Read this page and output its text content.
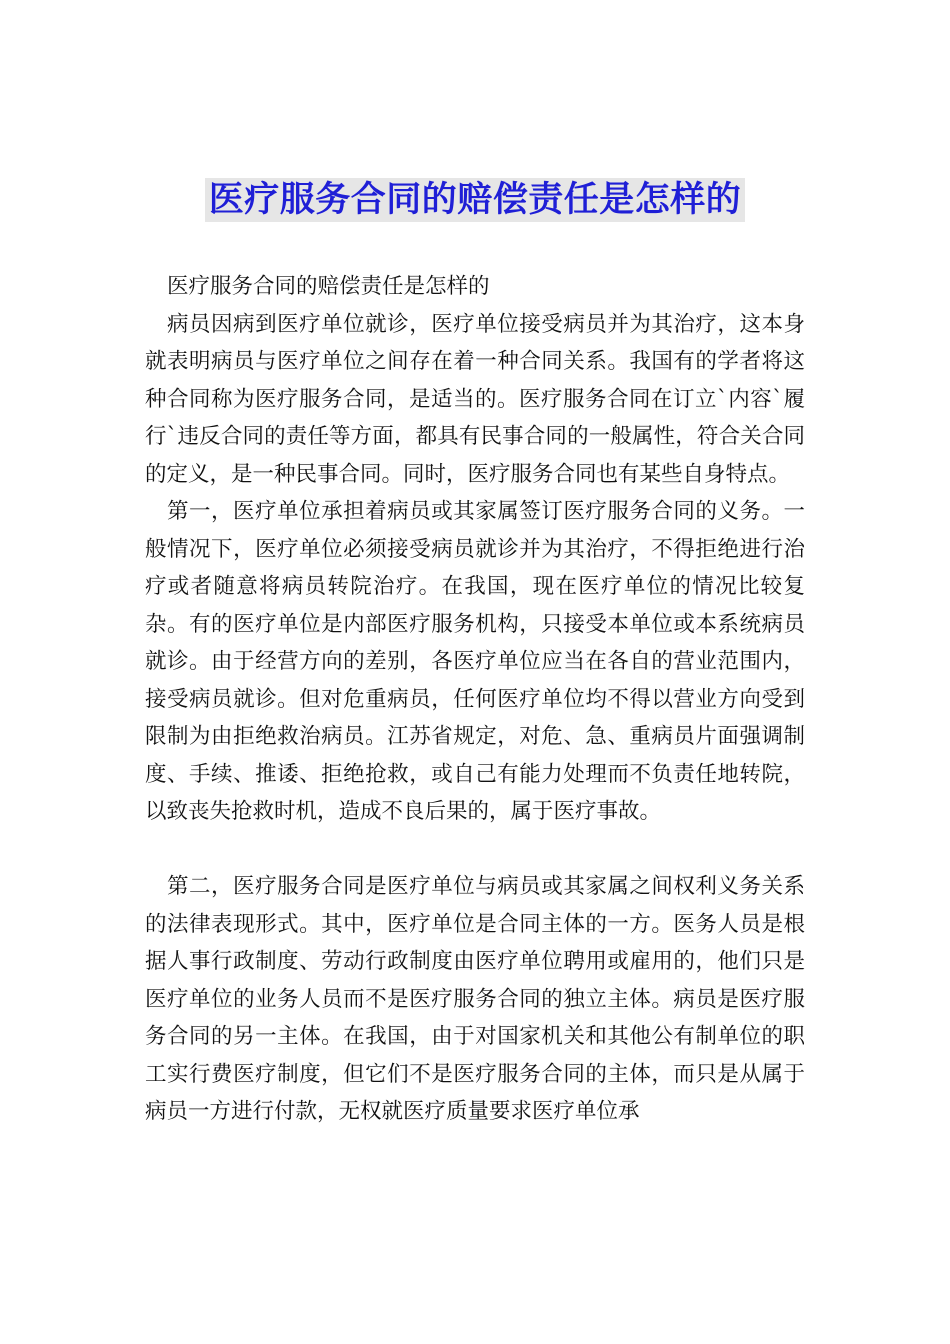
医疗服务合同的赔偿责任是怎样的

医疗服务合同的赔偿责任是怎样的

病员因病到医疗单位就诊，医疗单位接受病员并为其治疗，这本身就表明病员与医疗单位之间存在着一种合同关系。我国有的学者将这种合同称为医疗服务合同，是适当的。医疗服务合同在订立`内容`履行`违反合同的责任等方面，都具有民事合同的一般属性，符合关合同的定义，是一种民事合同。同时，医疗服务合同也有某些自身特点。

第一，医疗单位承担着病员或其家属签订医疗服务合同的义务。一般情况下，医疗单位必须接受病员就诊并为其治疗，不得拒绝进行治疗或者随意将病员转院治疗。在我国，现在医疗单位的情况比较复杂。有的医疗单位是内部医疗服务机构，只接受本单位或本系统病员就诊。由于经营方向的差别，各医疗单位应当在各自的营业范围内，接受病员就诊。但对危重病员，任何医疗单位均不得以营业方向受到限制为由拒绝救治病员。江苏省规定，对危、急、重病员片面强调制度、手续、推诿、拒绝抢救，或自己有能力处理而不负责任地转院，以致丧失抢救时机，造成不良后果的，属于医疗事故。

第二，医疗服务合同是医疗单位与病员或其家属之间权利义务关系的法律表现形式。其中，医疗单位是合同主体的一方。医务人员是根据人事行政制度、劳动行政制度由医疗单位聘用或雇用的，他们只是医疗单位的业务人员而不是医疗服务合同的独立主体。病员是医疗服务合同的另一主体。在我国，由于对国家机关和其他公有制单位的职工实行费医疗制度，但它们不是医疗服务合同的主体，而只是从属于病员一方进行付款，无权就医疗质量要求医疗单位承
